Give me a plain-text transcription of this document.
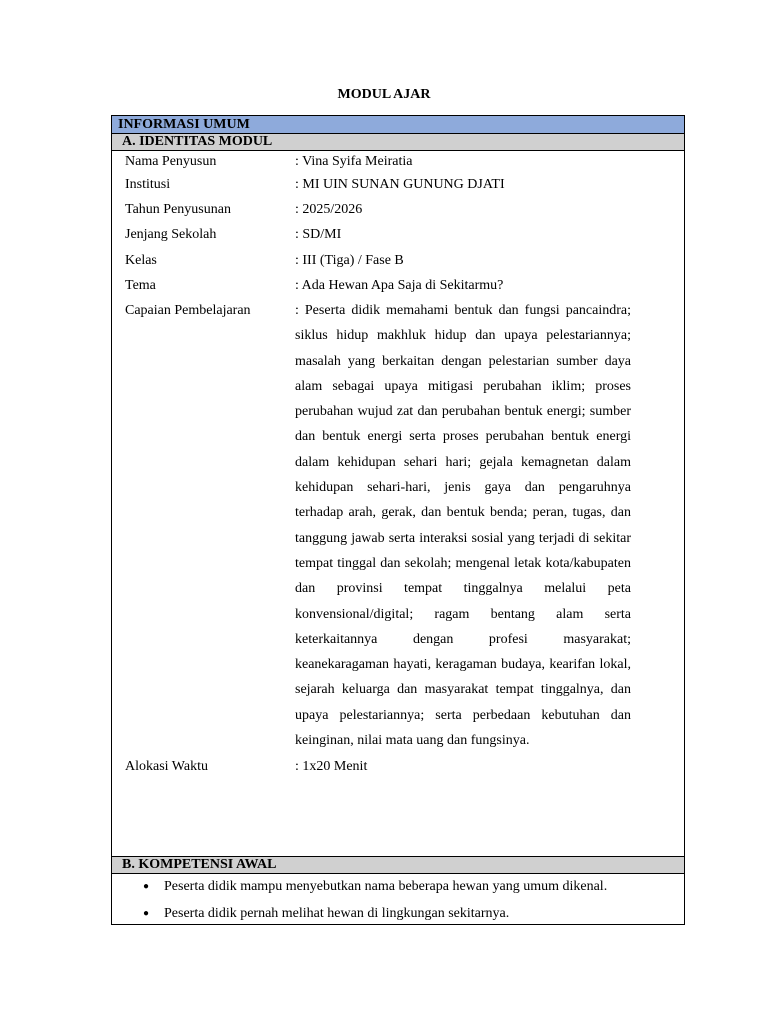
MODUL AJAR
INFORMASI UMUM
A. IDENTITAS MODUL
Nama Penyusun	: Vina Syifa Meiratia
Institusi	: MI UIN SUNAN GUNUNG DJATI
Tahun Penyusunan	: 2025/2026
Jenjang Sekolah	: SD/MI
Kelas	: III (Tiga) / Fase B
Tema	: Ada Hewan Apa Saja di Sekitarmu?
Capaian Pembelajaran	: Peserta didik memahami bentuk dan fungsi pancaindra; siklus hidup makhluk hidup dan upaya pelestariannya; masalah yang berkaitan dengan pelestarian sumber daya alam sebagai upaya mitigasi perubahan iklim; proses perubahan wujud zat dan perubahan bentuk energi; sumber dan bentuk energi serta proses perubahan bentuk energi dalam kehidupan sehari hari; gejala kemagnetan dalam kehidupan sehari-hari, jenis gaya dan pengaruhnya terhadap arah, gerak, dan bentuk benda; peran, tugas, dan tanggung jawab serta interaksi sosial yang terjadi di sekitar tempat tinggal dan sekolah; mengenal letak kota/kabupaten dan provinsi tempat tinggalnya melalui peta konvensional/digital; ragam bentang alam serta keterkaitannya dengan profesi masyarakat; keanekaragaman hayati, keragaman budaya, kearifan lokal, sejarah keluarga dan masyarakat tempat tinggalnya, dan upaya pelestariannya; serta perbedaan kebutuhan dan keinginan, nilai mata uang dan fungsinya.
Alokasi Waktu	: 1x20 Menit
B. KOMPETENSI AWAL
● Peserta didik mampu menyebutkan nama beberapa hewan yang umum dikenal.
● Peserta didik pernah melihat hewan di lingkungan sekitarnya.
